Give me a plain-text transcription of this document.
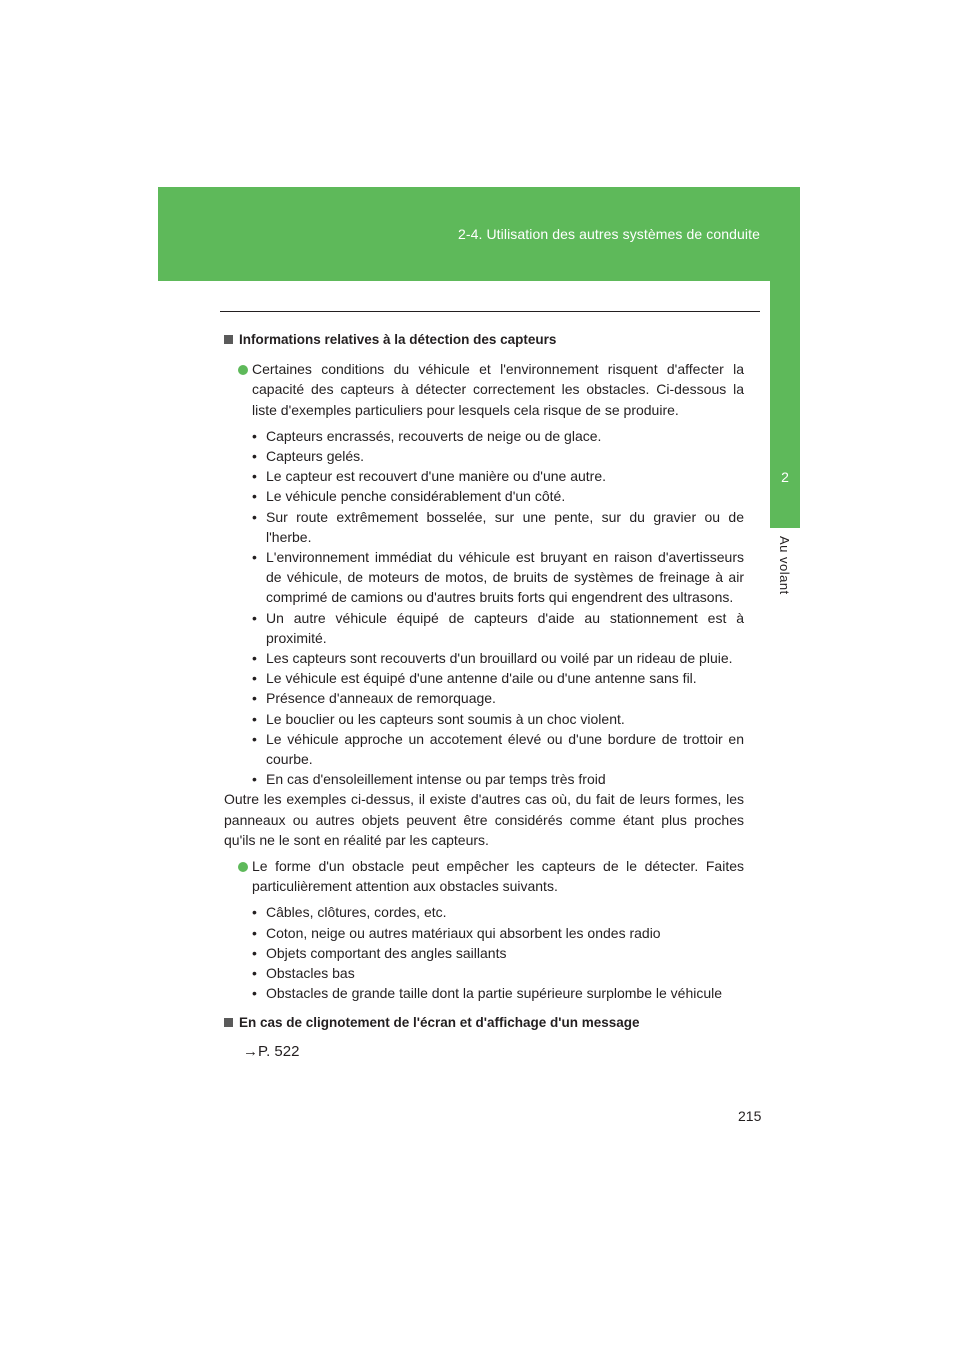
2-4. Utilisation des autres systèmes de conduite
2
Au volant
Informations relatives à la détection des capteurs

Certaines conditions du véhicule et l'environnement risquent d'affecter la capacité des capteurs à détecter correctement les obstacles. Ci-dessous la liste d'exemples particuliers pour lesquels cela risque de se produire.

• Capteurs encrassés, recouverts de neige ou de glace.
• Capteurs gelés.
• Le capteur est recouvert d'une manière ou d'une autre.
• Le véhicule penche considérablement d'un côté.
• Sur route extrêmement bosselée, sur une pente, sur du gravier ou de l'herbe.
• L'environnement immédiat du véhicule est bruyant en raison d'avertisseurs de véhicule, de moteurs de motos, de bruits de systèmes de freinage à air comprimé de camions ou d'autres bruits forts qui engendrent des ultrasons.
• Un autre véhicule équipé de capteurs d'aide au stationnement est à proximité.
• Les capteurs sont recouverts d'un brouillard ou voilé par un rideau de pluie.
• Le véhicule est équipé d'une antenne d'aile ou d'une antenne sans fil.
• Présence d'anneaux de remorquage.
• Le bouclier ou les capteurs sont soumis à un choc violent.
• Le véhicule approche un accotement élevé ou d'une bordure de trottoir en courbe.
• En cas d'ensoleillement intense ou par temps très froid

Outre les exemples ci-dessus, il existe d'autres cas où, du fait de leurs formes, les panneaux ou autres objets peuvent être considérés comme étant plus proches qu'ils ne le sont en réalité par les capteurs.

Le forme d'un obstacle peut empêcher les capteurs de le détecter. Faites particulièrement attention aux obstacles suivants.

• Câbles, clôtures, cordes, etc.
• Coton, neige ou autres matériaux qui absorbent les ondes radio
• Objets comportant des angles saillants
• Obstacles bas
• Obstacles de grande taille dont la partie supérieure surplombe le véhicule
En cas de clignotement de l'écran et d'affichage d'un message

→P. 522

215
